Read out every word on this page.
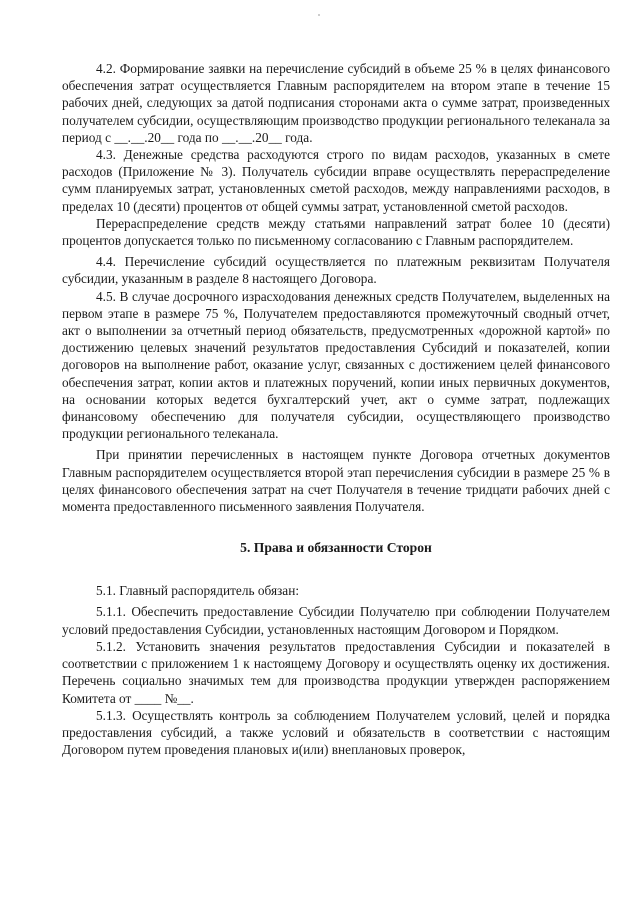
4.2. Формирование заявки на перечисление субсидий в объеме 25 % в целях финансового обеспечения затрат осуществляется Главным распорядителем на втором этапе в течение 15 рабочих дней, следующих за датой подписания сторонами акта о сумме затрат, произведенных получателем субсидии, осуществляющим производство продукции регионального телеканала за период с __.__.20__ года по __.__.20__ года.

4.3. Денежные средства расходуются строго по видам расходов, указанных в смете расходов (Приложение № 3). Получатель субсидии вправе осуществлять перераспределение сумм планируемых затрат, установленных сметой расходов, между направлениями расходов, в пределах 10 (десяти) процентов от общей суммы затрат, установленной сметой расходов.

Перераспределение средств между статьями направлений затрат более 10 (десяти) процентов допускается только по письменному согласованию с Главным распорядителем.

4.4. Перечисление субсидий осуществляется по платежным реквизитам Получателя субсидии, указанным в разделе 8 настоящего Договора.

4.5. В случае досрочного израсходования денежных средств Получателем, выделенных на первом этапе в размере 75 %, Получателем предоставляются промежуточный сводный отчет, акт о выполнении за отчетный период обязательств, предусмотренных «дорожной картой» по достижению целевых значений результатов предоставления Субсидий и показателей, копии договоров на выполнение работ, оказание услуг, связанных с достижением целей финансового обеспечения затрат, копии актов и платежных поручений, копии иных первичных документов, на основании которых ведется бухгалтерский учет, акт о сумме затрат, подлежащих финансовому обеспечению для получателя субсидии, осуществляющего производство продукции регионального телеканала.

При принятии перечисленных в настоящем пункте Договора отчетных документов Главным распорядителем осуществляется второй этап перечисления субсидии в размере 25 % в целях финансового обеспечения затрат на счет Получателя в течение тридцати рабочих дней с момента предоставленного письменного заявления Получателя.

5. Права и обязанности Сторон

5.1. Главный распорядитель обязан:

5.1.1. Обеспечить предоставление Субсидии Получателю при соблюдении Получателем условий предоставления Субсидии, установленных настоящим Договором и Порядком.

5.1.2. Установить значения результатов предоставления Субсидии и показателей в соответствии с приложением 1 к настоящему Договору и осуществлять оценку их достижения. Перечень социально значимых тем для производства продукции утвержден распоряжением Комитета от ____ №__.

5.1.3. Осуществлять контроль за соблюдением Получателем условий, целей и порядка предоставления субсидий, а также условий и обязательств в соответствии с настоящим Договором путем проведения плановых и(или) внеплановых проверок,
